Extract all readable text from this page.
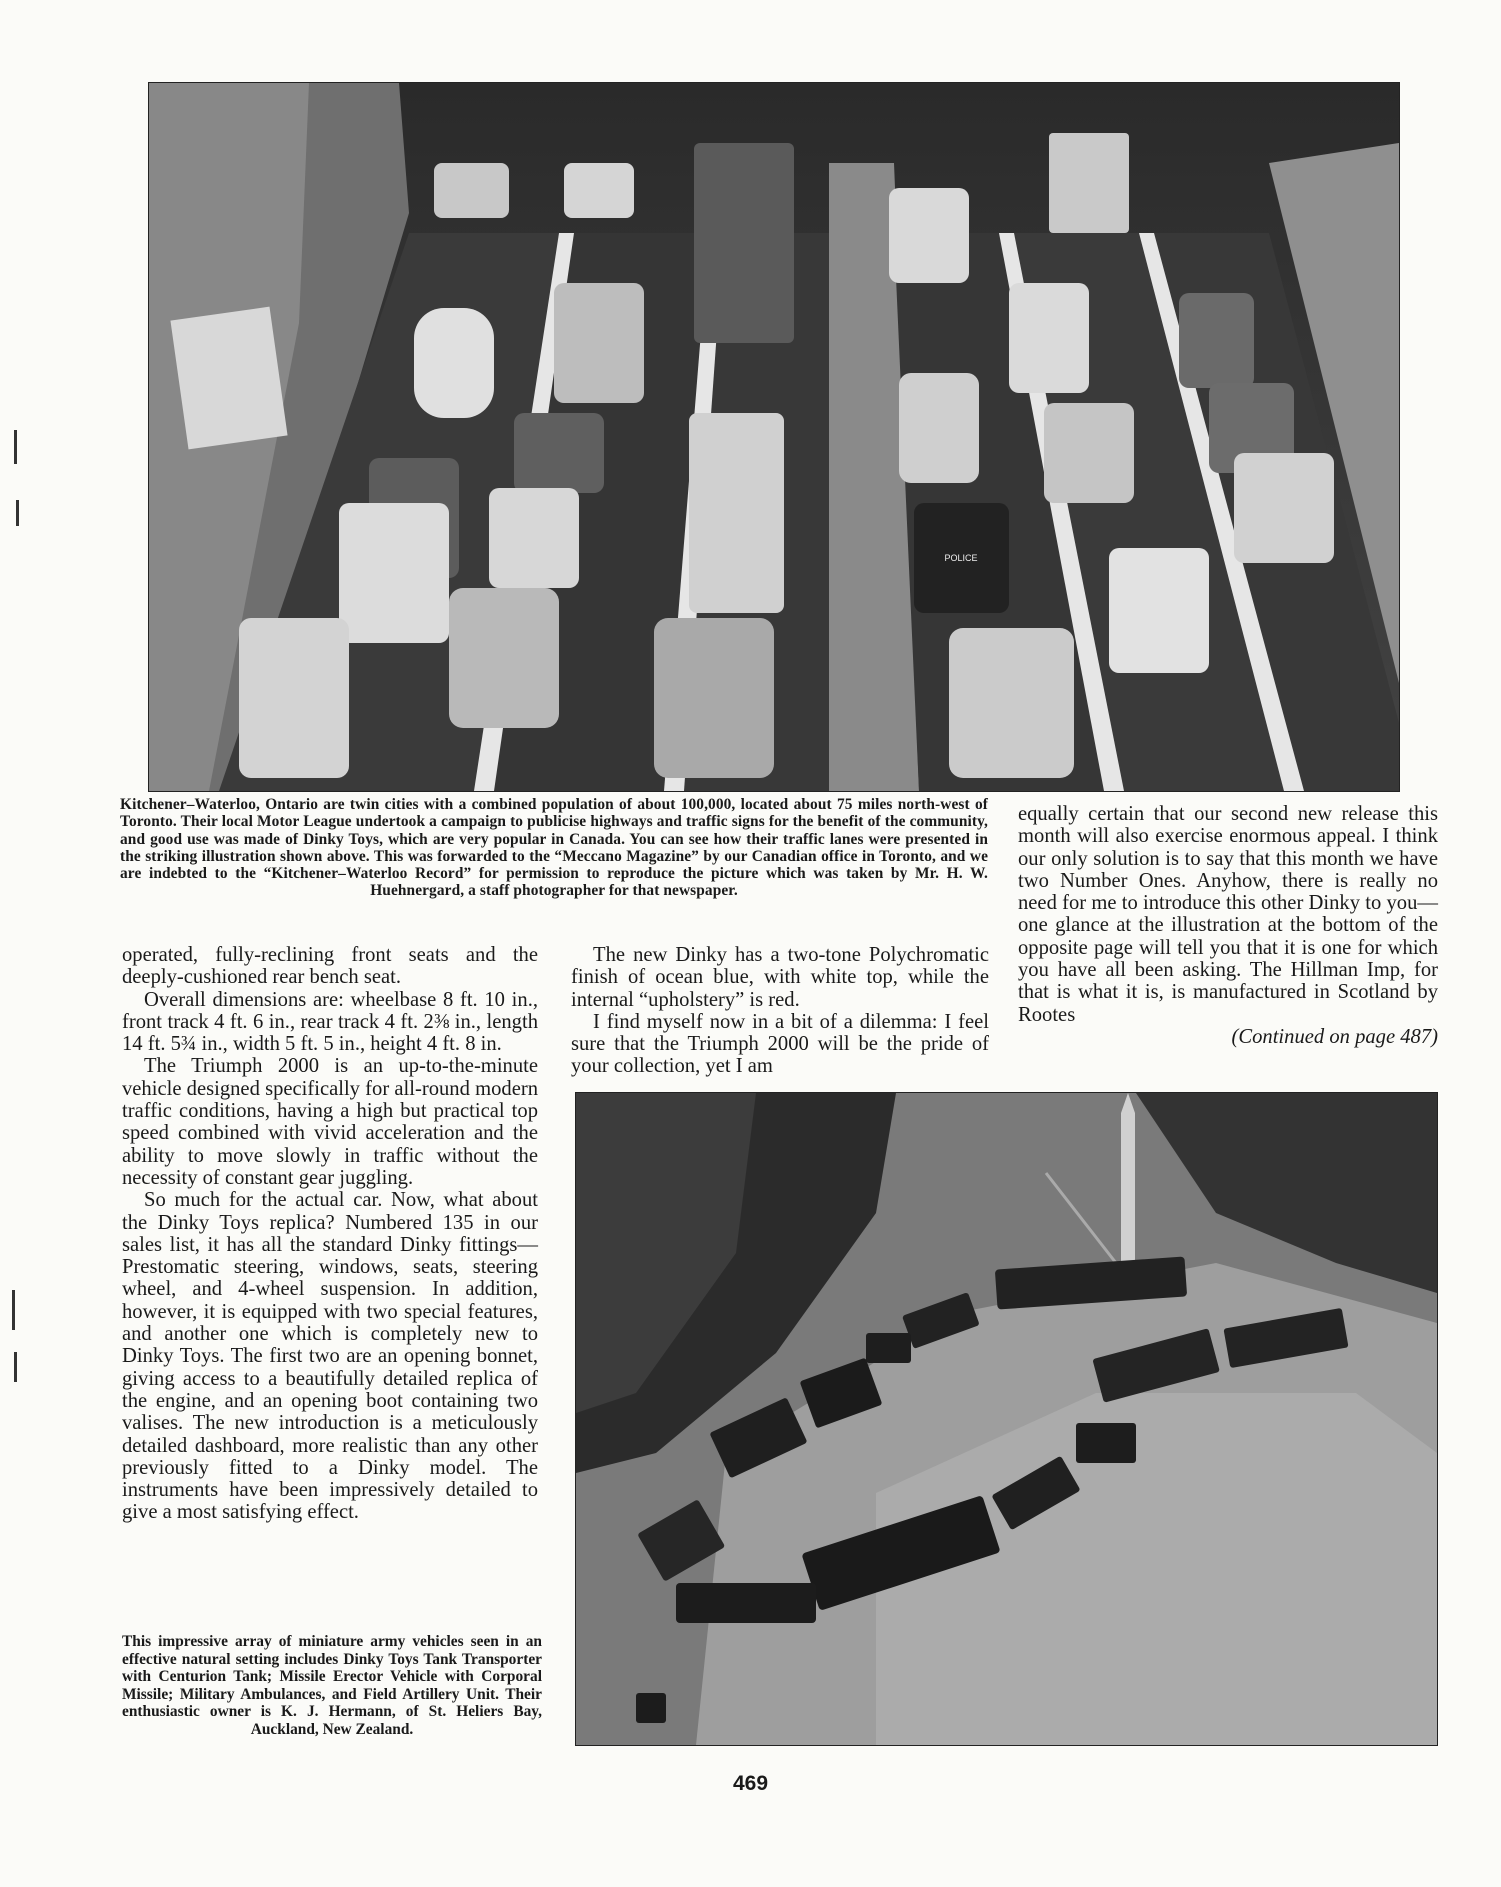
POLICE
Kitchener–Waterloo, Ontario are twin cities with a combined population of about 100,000, located about 75 miles north-west of Toronto. Their local Motor League undertook a campaign to publicise highways and traffic signs for the benefit of the community, and good use was made of Dinky Toys, which are very popular in Canada. You can see how their traffic lanes were presented in the striking illustration shown above. This was forwarded to the “Meccano Magazine” by our Canadian office in Toronto, and we are indebted to the “Kitchener–Waterloo Record” for permission to reproduce the picture which was taken by Mr. H. W. Huehnergard, a staff photographer for that newspaper.

operated, fully-reclining front seats and the deeply-cushioned rear bench seat.

Overall dimensions are: wheelbase 8 ft. 10 in., front track 4 ft. 6 in., rear track 4 ft. 2⅜ in., length 14 ft. 5¾ in., width 5 ft. 5 in., height 4 ft. 8 in.

The Triumph 2000 is an up-to-the-minute vehicle designed specifically for all-round modern traffic conditions, having a high but practical top speed combined with vivid acceleration and the ability to move slowly in traffic without the necessity of constant gear juggling.

So much for the actual car. Now, what about the Dinky Toys replica? Numbered 135 in our sales list, it has all the standard Dinky fittings—Prestomatic steering, windows, seats, steering wheel, and 4-wheel suspension. In addition, however, it is equipped with two special features, and another one which is completely new to Dinky Toys. The first two are an opening bonnet, giving access to a beautifully detailed replica of the engine, and an opening boot containing two valises. The new introduction is a meticulously detailed dashboard, more realistic than any other previously fitted to a Dinky model. The instruments have been impressively detailed to give a most satisfying effect.

The new Dinky has a two-tone Polychromatic finish of ocean blue, with white top, while the internal “upholstery” is red.

I find myself now in a bit of a dilemma: I feel sure that the Triumph 2000 will be the pride of your collection, yet I am

equally certain that our second new release this month will also exercise enormous appeal. I think our only solution is to say that this month we have two Number Ones. Anyhow, there is really no need for me to introduce this other Dinky to you—one glance at the illustration at the bottom of the opposite page will tell you that it is one for which you have all been asking. The Hillman Imp, for that is what it is, is manufactured in Scotland by Rootes

(Continued on page 487)

This impressive array of miniature army vehicles seen in an effective natural setting includes Dinky Toys Tank Transporter with Centurion Tank; Missile Erector Vehicle with Corporal Missile; Military Ambulances, and Field Artillery Unit. Their enthusiastic owner is K. J. Hermann, of St. Heliers Bay, Auckland, New Zealand.
469
